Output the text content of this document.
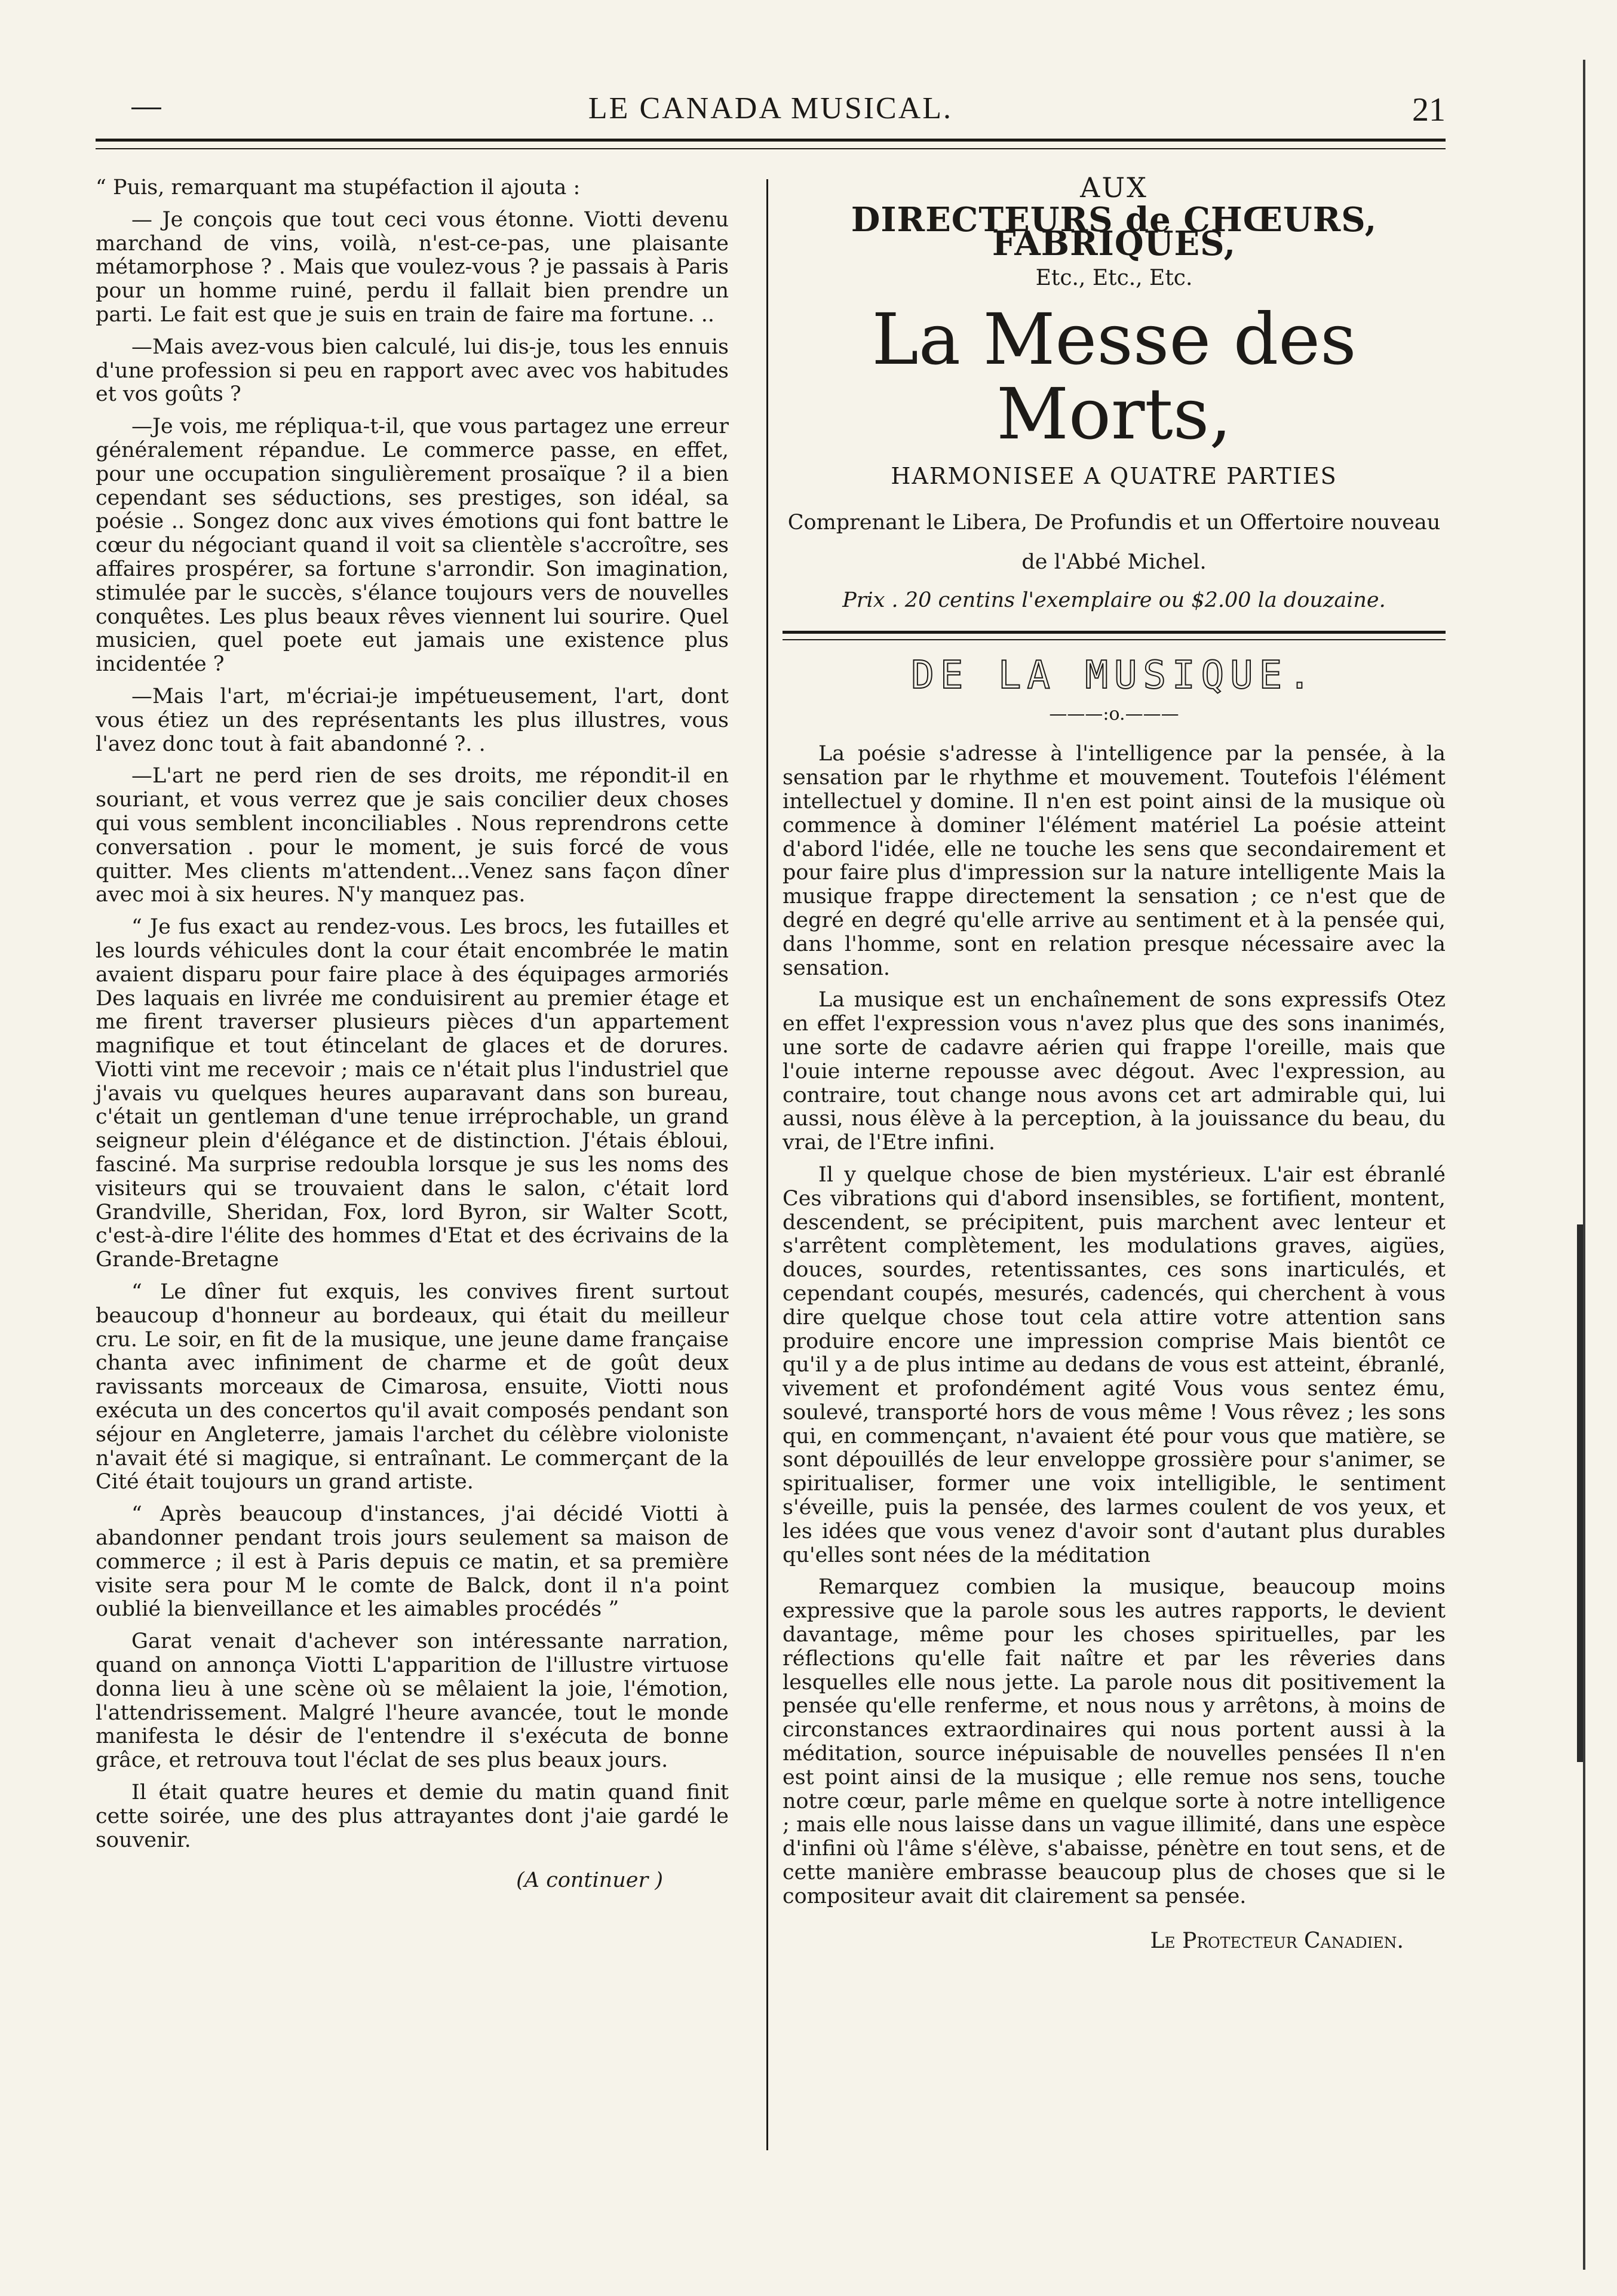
LE CANADA MUSICAL.	21

“ Puis, remarquant ma stupéfaction il ajouta :

— Je conçois que tout ceci vous étonne. Viotti devenu marchand de vins, voilà, n'est-ce-pas, une plaisante métamorphose ? . Mais que voulez-vous ? je passais à Paris pour un homme ruiné, perdu il fallait bien prendre un parti. Le fait est que je suis en train de faire ma fortune. ..

—Mais avez-vous bien calculé, lui dis-je, tous les ennuis d'une profession si peu en rapport avec avec vos habitudes et vos goûts ?

—Je vois, me répliqua-t-il, que vous partagez une erreur généralement répandue. Le commerce passe, en effet, pour une occupation singulièrement prosaïque ? il a bien cependant ses séductions, ses prestiges, son idéal, sa poésie .. Songez donc aux vives émotions qui font battre le cœur du négociant quand il voit sa clientèle s'accroître, ses affaires prospérer, sa fortune s'arrondir. Son imagination, stimulée par le succès, s'élance toujours vers de nouvelles conquêtes. Les plus beaux rêves viennent lui sourire. Quel musicien, quel poete eut jamais une existence plus incidentée ?

—Mais l'art, m'écriai-je impétueusement, l'art, dont vous étiez un des représentants les plus illustres, vous l'avez donc tout à fait abandonné ?. .

—L'art ne perd rien de ses droits, me répondit-il en souriant, et vous verrez que je sais concilier deux choses qui vous semblent inconciliables . Nous reprendrons cette conversation . pour le moment, je suis forcé de vous quitter. Mes clients m'attendent...Venez sans façon dîner avec moi à six heures. N'y manquez pas.

“ Je fus exact au rendez-vous. Les brocs, les futailles et les lourds véhicules dont la cour était encombrée le matin avaient disparu pour faire place à des équipages armoriés Des laquais en livrée me conduisirent au premier étage et me firent traverser plusieurs pièces d'un appartement magnifique et tout étincelant de glaces et de dorures. Viotti vint me recevoir ; mais ce n'était plus l'industriel que j'avais vu quelques heures auparavant dans son bureau, c'était un gentleman d'une tenue irréprochable, un grand seigneur plein d'élégance et de distinction. J'étais ébloui, fasciné. Ma surprise redoubla lorsque je sus les noms des visiteurs qui se trouvaient dans le salon, c'était lord Grandville, Sheridan, Fox, lord Byron, sir Walter Scott, c'est-à-dire l'élite des hommes d'Etat et des écrivains de la Grande-Bretagne

“ Le dîner fut exquis, les convives firent surtout beaucoup d'honneur au bordeaux, qui était du meilleur cru. Le soir, en fit de la musique, une jeune dame française chanta avec infiniment de charme et de goût deux ravissants morceaux de Cimarosa, ensuite, Viotti nous exécuta un des concertos qu'il avait composés pendant son séjour en Angleterre, jamais l'archet du célèbre violoniste n'avait été si magique, si entraînant. Le commerçant de la Cité était toujours un grand artiste.

“ Après beaucoup d'instances, j'ai décidé Viotti à abandonner pendant trois jours seulement sa maison de commerce ; il est à Paris depuis ce matin, et sa première visite sera pour M le comte de Balck, dont il n'a point oublié la bienveillance et les aimables procédés ”

Garat venait d'achever son intéressante narration, quand on annonça Viotti L'apparition de l'illustre virtuose donna lieu à une scène où se mêlaient la joie, l'émotion, l'attendrissement. Malgré l'heure avancée, tout le monde manifesta le désir de l'entendre il s'exécuta de bonne grâce, et retrouva tout l'éclat de ses plus beaux jours.

Il était quatre heures et demie du matin quand finit cette soirée, une des plus attrayantes dont j'aie gardé le souvenir.

(A continuer )
AUX
DIRECTEURS de CHŒURS, FABRIQUES,
Etc., Etc., Etc.
La Messe des Morts,
HARMONISEE A QUATRE PARTIES
Comprenant le Libera, De Profundis et un Offertoire nouveau de l'Abbé Michel.
Prix . 20 centins l'exemplaire ou $2.00 la douzaine.
DE LA MUSIQUE.
———:o.———

La poésie s'adresse à l'intelligence par la pensée, à la sensation par le rhythme et mouvement. Toutefois l'élément intellectuel y domine. Il n'en est point ainsi de la musique où commence à dominer l'élément matériel La poésie atteint d'abord l'idée, elle ne touche les sens que secondairement et pour faire plus d'impression sur la nature intelligente Mais la musique frappe directement la sensation ; ce n'est que de degré en degré qu'elle arrive au sentiment et à la pensée qui, dans l'homme, sont en relation presque nécessaire avec la sensation.

La musique est un enchaînement de sons expressifs Otez en effet l'expression vous n'avez plus que des sons inanimés, une sorte de cadavre aérien qui frappe l'oreille, mais que l'ouie interne repousse avec dégout. Avec l'expression, au contraire, tout change nous avons cet art admirable qui, lui aussi, nous élève à la perception, à la jouissance du beau, du vrai, de l'Etre infini.

Il y quelque chose de bien mystérieux. L'air est ébranlé Ces vibrations qui d'abord insensibles, se fortifient, montent, descendent, se précipitent, puis marchent avec lenteur et s'arrêtent complètement, les modulations graves, aigües, douces, sourdes, retentissantes, ces sons inarticulés, et cependant coupés, mesurés, cadencés, qui cherchent à vous dire quelque chose tout cela attire votre attention sans produire encore une impression comprise Mais bientôt ce qu'il y a de plus intime au dedans de vous est atteint, ébranlé, vivement et profondément agité Vous vous sentez ému, soulevé, transporté hors de vous même ! Vous rêvez ; les sons qui, en commençant, n'avaient été pour vous que matière, se sont dépouillés de leur enveloppe grossière pour s'animer, se spiritualiser, former une voix intelligible, le sentiment s'éveille, puis la pensée, des larmes coulent de vos yeux, et les idées que vous venez d'avoir sont d'autant plus durables qu'elles sont nées de la méditation

Remarquez combien la musique, beaucoup moins expressive que la parole sous les autres rapports, le devient davantage, même pour les choses spirituelles, par les réflections qu'elle fait naître et par les rêveries dans lesquelles elle nous jette. La parole nous dit positivement la pensée qu'elle renferme, et nous nous y arrêtons, à moins de circonstances extraordinaires qui nous portent aussi à la méditation, source inépuisable de nouvelles pensées Il n'en est point ainsi de la musique ; elle remue nos sens, touche notre cœur, parle même en quelque sorte à notre intelligence ; mais elle nous laisse dans un vague illimité, dans une espèce d'infini où l'âme s'élève, s'abaisse, pénètre en tout sens, et de cette manière embrasse beaucoup plus de choses que si le compositeur avait dit clairement sa pensée.

Le Protecteur Canadien.
